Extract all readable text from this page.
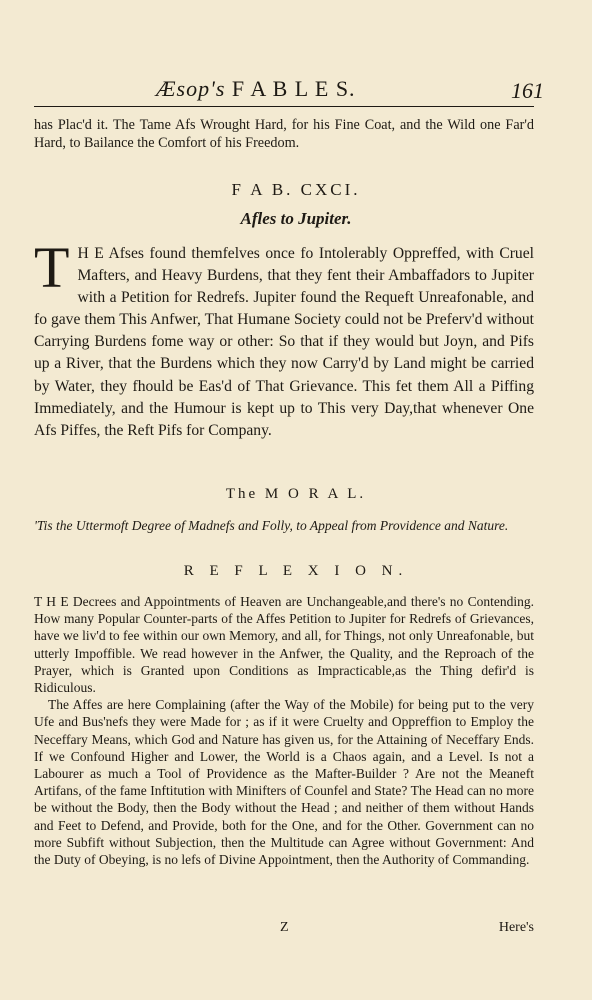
Æsop's F A B L E S.	161
has Plac'd it. The Tame Afs Wrought Hard, for his Fine Coat, and the Wild one Far'd Hard, to Bailance the Comfort of his Freedom.
F A B. CXCI.
Afles to Jupiter.
T H E Afses found themfelves once fo Intolerably Oppreffed, with Cruel Mafters, and Heavy Burdens, that they fent their Ambaffadors to Jupiter with a Petition for Redrefs. Jupiter found the Requeft Unreafonable, and fo gave them This Anfwer, That Humane Society could not be Preferv'd without Carrying Burdens fome way or other: So that if they would but Joyn, and Pifs up a River, that the Burdens which they now Carry'd by Land might be carried by Water, they fhould be Eas'd of That Grievance. This fet them All a Piffing Immediately, and the Humour is kept up to This very Day,that whenever One Afs Piffes, the Reft Pifs for Company.
The M O R A L.
'Tis the Uttermoft Degree of Madnefs and Folly, to Appeal from Providence and Nature.
R E F L E X I O N.

T H E Decrees and Appointments of Heaven are Unchangeable,and there's no Contending. How many Popular Counter-parts of the Affes Petition to Jupiter for Redrefs of Grievances, have we liv'd to fee within our own Memory, and all, for Things, not only Unreafonable, but utterly Impoffible. We read however in the Anfwer, the Quality, and the Reproach of the Prayer, which is Granted upon Conditions as Impracticable,as the Thing defir'd is Ridiculous.

The Affes are here Complaining (after the Way of the Mobile) for being put to the very Ufe and Bus'nefs they were Made for ; as if it were Cruelty and Oppreffion to Employ the Neceffary Means, which God and Nature has given us, for the Attaining of Neceffary Ends. If we Confound Higher and Lower, the World is a Chaos again, and a Level. Is not a Labourer as much a Tool of Providence as the Mafter-Builder ? Are not the Meaneft Artifans, of the fame Inftitution with Minifters of Counfel and State? The Head can no more be without the Body, then the Body without the Head ; and neither of them without Hands and Feet to Defend, and Provide, both for the One, and for the Other. Government can no more Subfift without Subjection, then the Multitude can Agree without Government: And the Duty of Obeying, is no lefs of Divine Appointment, then the Authority of Commanding.

Z	Here's
